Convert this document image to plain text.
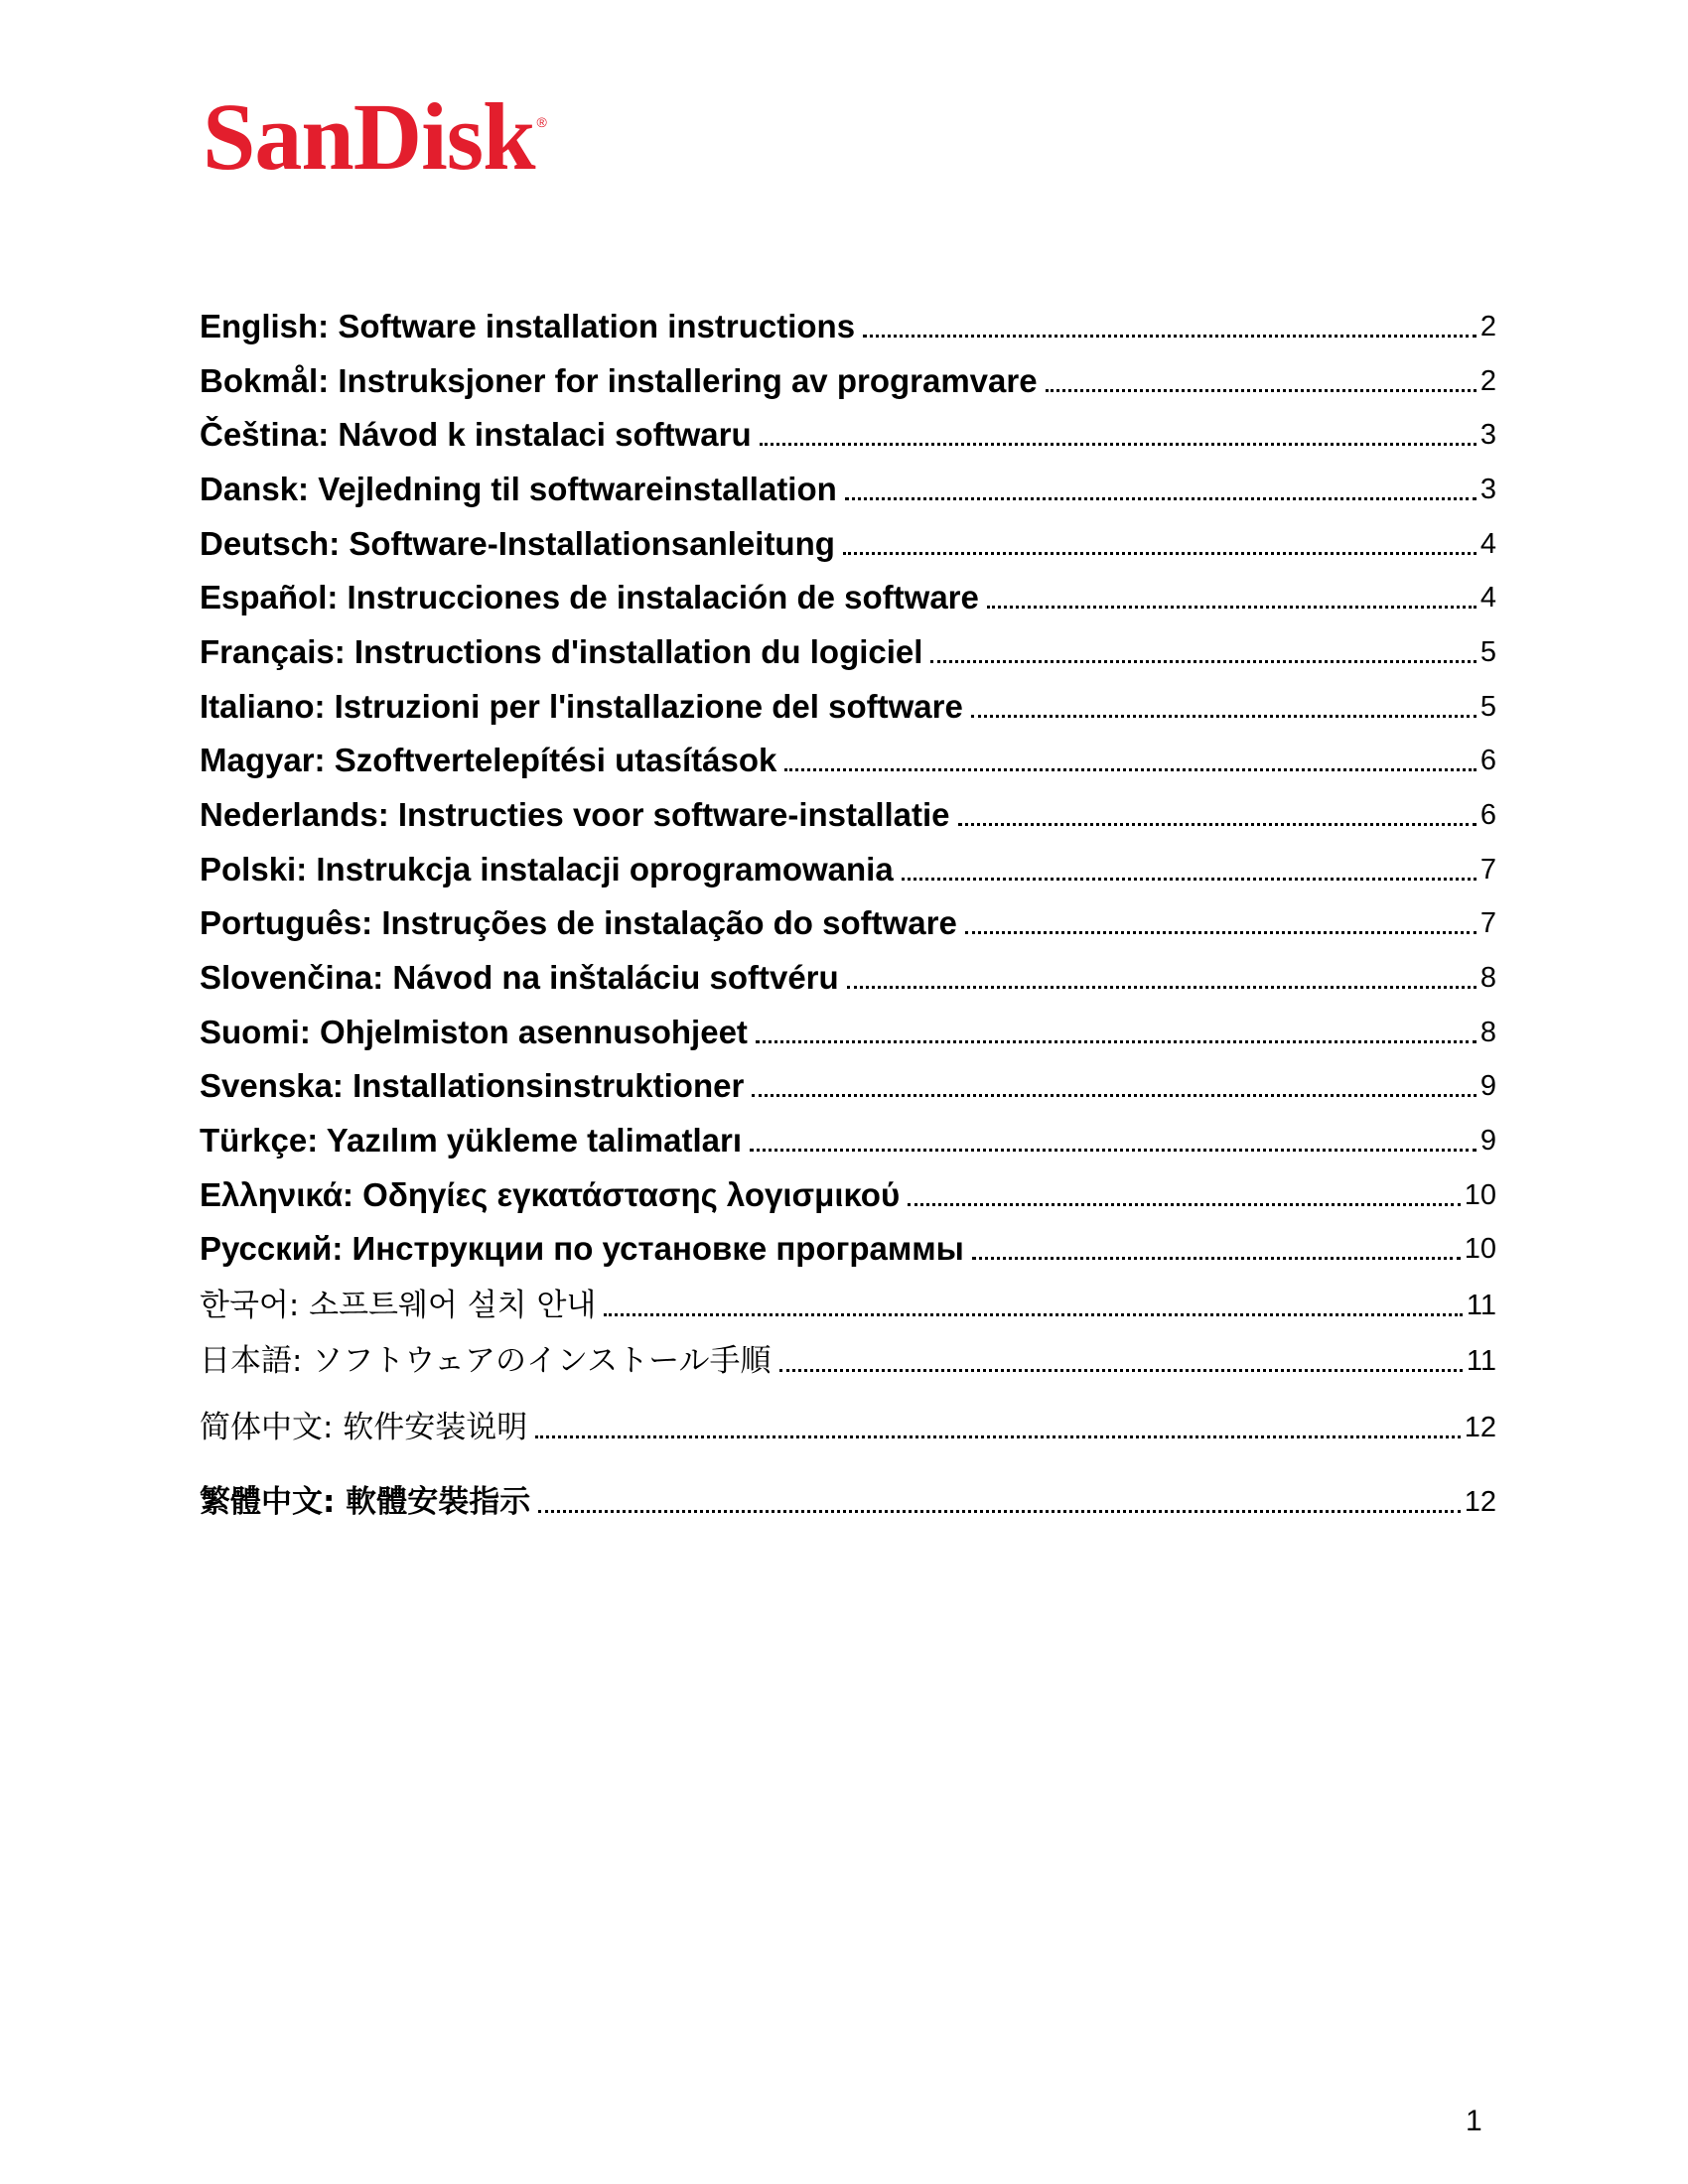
SanDisk ®
English: Software installation instructions	2
Bokmål: Instruksjoner for installering av programvare	2
Čeština: Návod k instalaci softwaru	3
Dansk: Vejledning til softwareinstallation	3
Deutsch: Software-Installationsanleitung	4
Español: Instrucciones de instalación de software	4
Français: Instructions d'installation du logiciel	5
Italiano: Istruzioni per l'installazione del software	5
Magyar: Szoftvertelepítési utasítások	6
Nederlands: Instructies voor software-installatie	6
Polski: Instrukcja instalacji oprogramowania	7
Português: Instruções de instalação do software	7
Slovenčina: Návod na inštaláciu softvéru	8
Suomi: Ohjelmiston asennusohjeet	8
Svenska: Installationsinstruktioner	9
Türkçe: Yazılım yükleme talimatları	9
Ελληνικά: Οδηγίες εγκατάστασης λογισμικού	10
Русский: Инструкции по установке программы	10
한국어: 소프트웨어 설치 안내	11
日本語: ソフトウェアのインストール手順	11
简体中文: 软件安装说明	12
繁體中文: 軟體安裝指示	12
1
